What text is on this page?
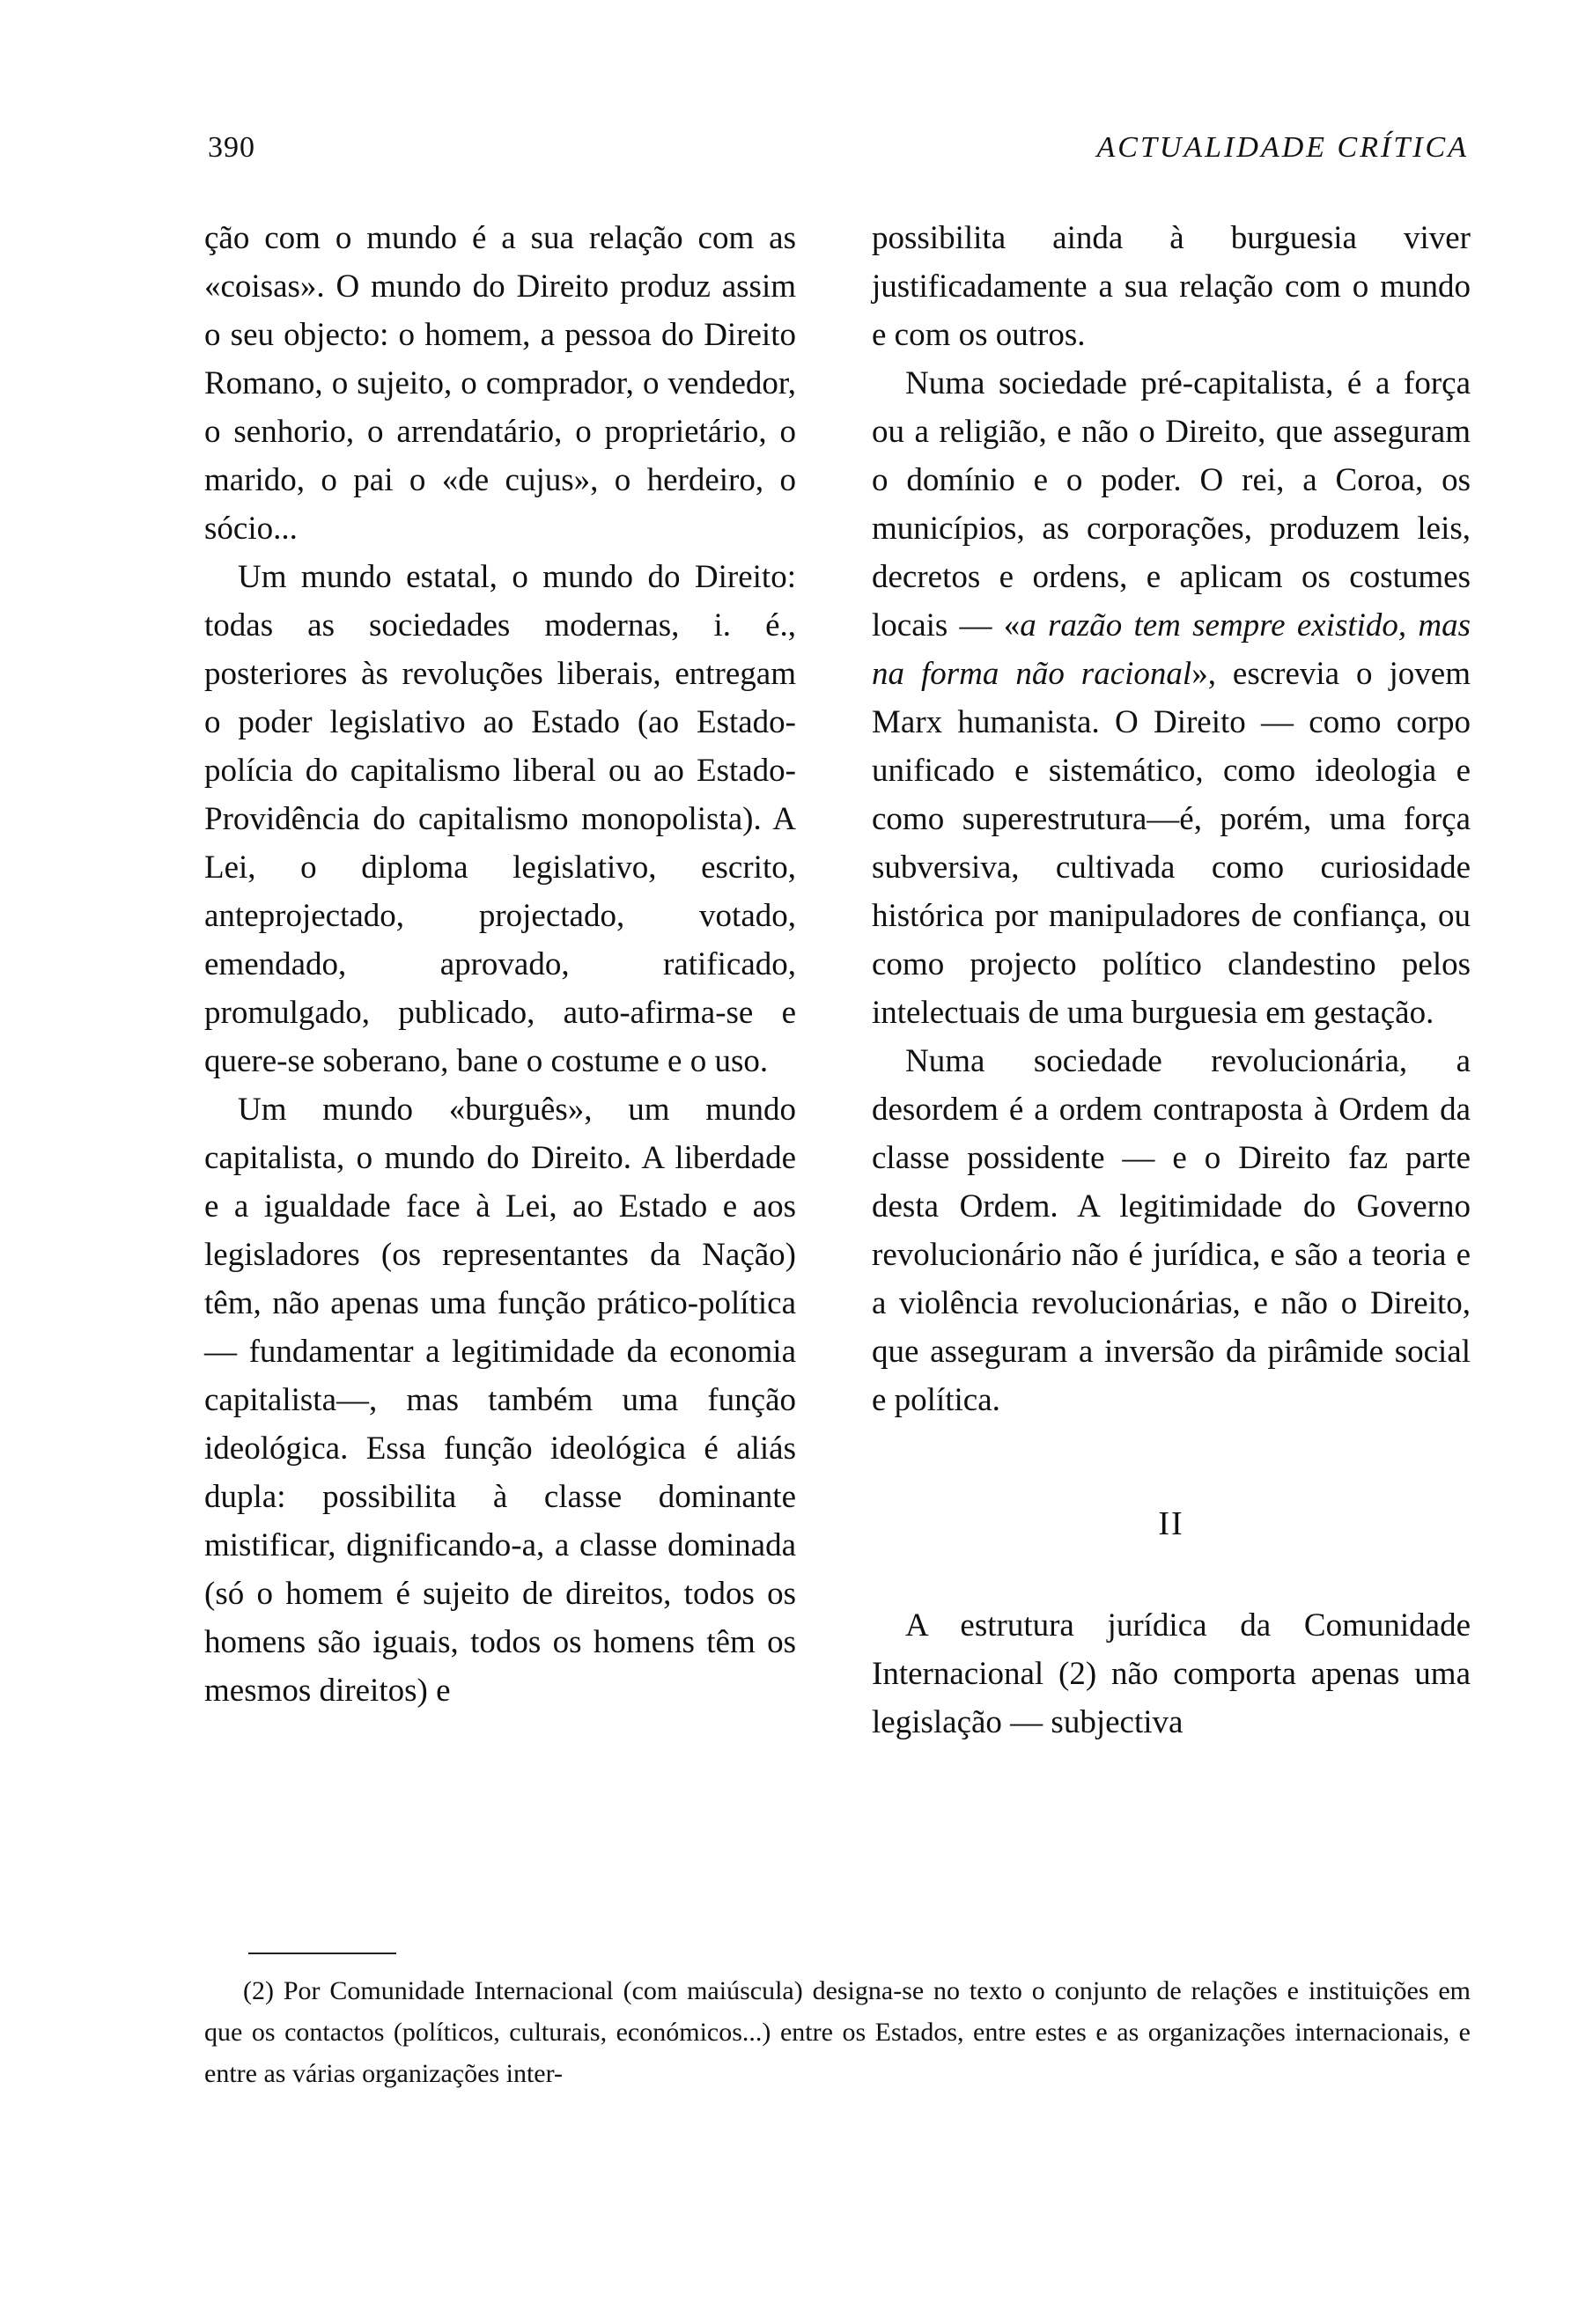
390	ACTUALIDADE CRÍTICA

ção com o mundo é a sua relação com as «coisas». O mundo do Direito produz assim o seu objecto: o homem, a pessoa do Direito Romano, o sujeito, o comprador, o vendedor, o senhorio, o arrendatário, o proprietário, o marido, o pai o «de cujus», o herdeiro, o sócio...

Um mundo estatal, o mundo do Direito: todas as sociedades modernas, i. é., posteriores às revoluções liberais, entregam o poder legislativo ao Estado (ao Estado-polícia do capitalismo liberal ou ao Estado-Providência do capitalismo monopolista). A Lei, o diploma legislativo, escrito, anteprojectado, projectado, votado, emendado, aprovado, ratificado, promulgado, publicado, auto-afirma-se e quere-se soberano, bane o costume e o uso.

Um mundo «burguês», um mundo capitalista, o mundo do Direito. A liberdade e a igualdade face à Lei, ao Estado e aos legisladores (os representantes da Nação) têm, não apenas uma função prático-política — fundamentar a legitimidade da economia capitalista—, mas também uma função ideológica. Essa função ideológica é aliás dupla: possibilita à classe dominante mistificar, dignificando-a, a classe dominada (só o homem é sujeito de direitos, todos os homens são iguais, todos os homens têm os mesmos direitos) e

possibilita ainda à burguesia viver justificadamente a sua relação com o mundo e com os outros.

Numa sociedade pré-capitalista, é a força ou a religião, e não o Direito, que asseguram o domínio e o poder. O rei, a Coroa, os municípios, as corporações, produzem leis, decretos e ordens, e aplicam os costumes locais — «a razão tem sempre existido, mas na forma não racional», escrevia o jovem Marx humanista. O Direito — como corpo unificado e sistemático, como ideologia e como superestrutura—é, porém, uma força subversiva, cultivada como curiosidade histórica por manipuladores de confiança, ou como projecto político clandestino pelos intelectuais de uma burguesia em gestação.

Numa sociedade revolucionária, a desordem é a ordem contraposta à Ordem da classe possidente — e o Direito faz parte desta Ordem. A legitimidade do Governo revolucionário não é jurídica, e são a teoria e a violência revolucionárias, e não o Direito, que asseguram a inversão da pirâmide social e política.

II

A estrutura jurídica da Comunidade Internacional (2) não comporta apenas uma legislação — subjectiva

(2) Por Comunidade Internacional (com maiúscula) designa-se no texto o conjunto de relações e instituições em que os contactos (políticos, culturais, económicos...) entre os Estados, entre estes e as organizações internacionais, e entre as várias organizações inter-
